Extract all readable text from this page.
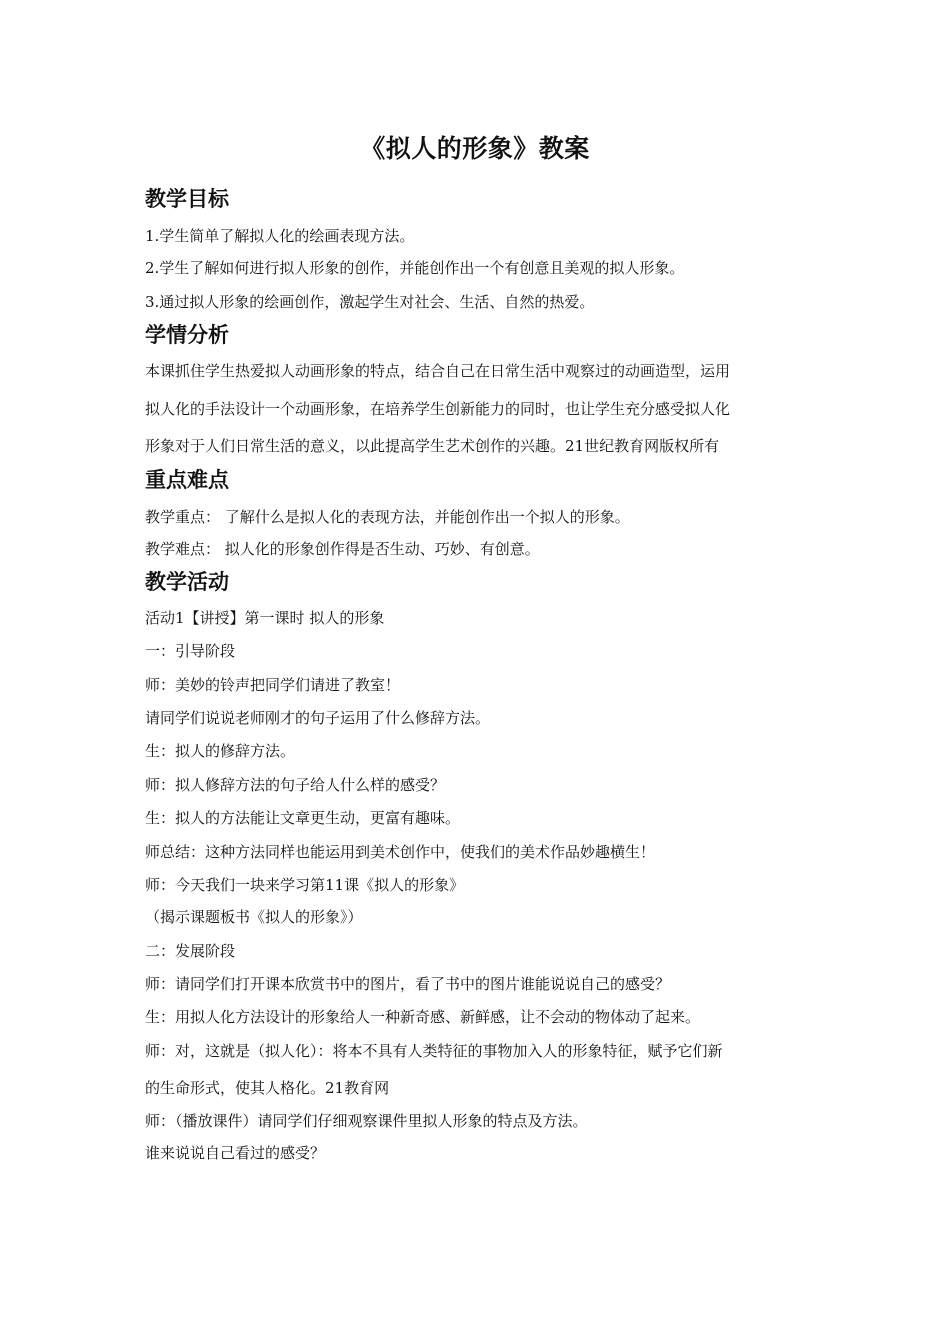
《拟人的形象》教案
教学目标
1.学生简单了解拟人化的绘画表现方法。
2.学生了解如何进行拟人形象的创作，并能创作出一个有创意且美观的拟人形象。
3.通过拟人形象的绘画创作，激起学生对社会、生活、自然的热爱。
学情分析
本课抓住学生热爱拟人动画形象的特点，结合自己在日常生活中观察过的动画造型，运用
拟人化的手法设计一个动画形象，在培养学生创新能力的同时，也让学生充分感受拟人化
形象对于人们日常生活的意义，以此提高学生艺术创作的兴趣。21世纪教育网版权所有
重点难点
教学重点： 了解什么是拟人化的表现方法，并能创作出一个拟人的形象。
教学难点： 拟人化的形象创作得是否生动、巧妙、有创意。
教学活动
活动1【讲授】第一课时 拟人的形象
一：引导阶段
师：美妙的铃声把同学们请进了教室！
请同学们说说老师刚才的句子运用了什么修辞方法。
生：拟人的修辞方法。
师：拟人修辞方法的句子给人什么样的感受？
生：拟人的方法能让文章更生动，更富有趣味。
师总结：这种方法同样也能运用到美术创作中，使我们的美术作品妙趣横生！
师：今天我们一块来学习第11课《拟人的形象》
（揭示课题板书《拟人的形象》）
二：发展阶段
师：请同学们打开课本欣赏书中的图片，看了书中的图片谁能说说自己的感受？
生：用拟人化方法设计的形象给人一种新奇感、新鲜感，让不会动的物体动了起来。
师：对，这就是（拟人化）：将本不具有人类特征的事物加入人的形象特征，赋予它们新
的生命形式，使其人格化。21教育网
师：（播放课件）请同学们仔细观察课件里拟人形象的特点及方法。
谁来说说自己看过的感受？
